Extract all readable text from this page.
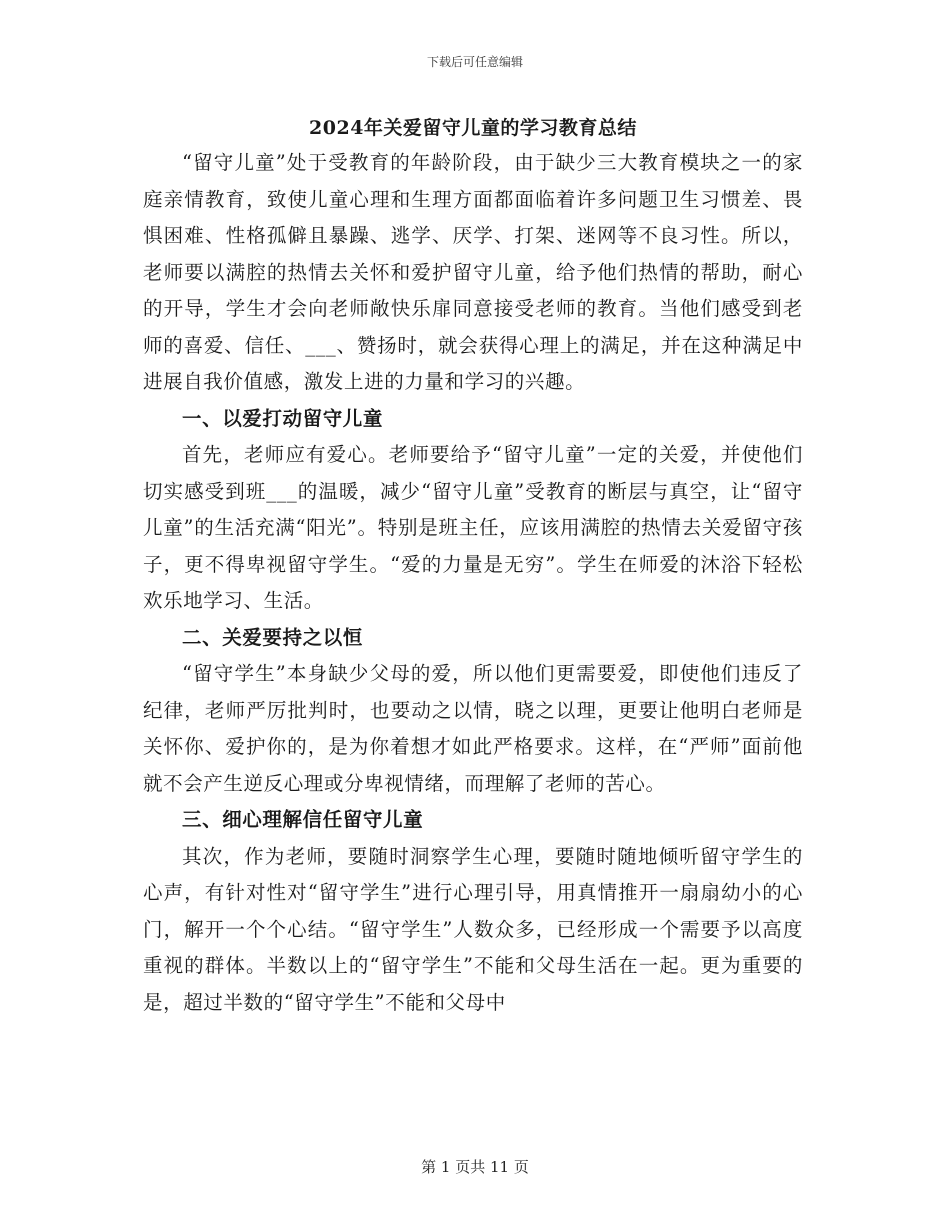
下载后可任意编辑
2024年关爱留守儿童的学习教育总结

“留守儿童”处于受教育的年龄阶段，由于缺少三大教育模块之一的家庭亲情教育，致使儿童心理和生理方面都面临着许多问题卫生习惯差、畏惧困难、性格孤僻且暴躁、逃学、厌学、打架、迷网等不良习性。所以，老师要以满腔的热情去关怀和爱护留守儿童，给予他们热情的帮助，耐心的开导，学生才会向老师敞快乐扉同意接受老师的教育。当他们感受到老师的喜爱、信任、___、赞扬时，就会获得心理上的满足，并在这种满足中进展自我价值感，激发上进的力量和学习的兴趣。

一、以爱打动留守儿童

首先，老师应有爱心。老师要给予“留守儿童”一定的关爱，并使他们切实感受到班___的温暖，减少“留守儿童”受教育的断层与真空，让“留守儿童”的生活充满“阳光”。特别是班主任，应该用满腔的热情去关爱留守孩子，更不得卑视留守学生。“爱的力量是无穷”。学生在师爱的沐浴下轻松欢乐地学习、生活。

二、关爱要持之以恒

“留守学生”本身缺少父母的爱，所以他们更需要爱，即使他们违反了纪律，老师严厉批判时，也要动之以情，晓之以理，更要让他明白老师是关怀你、爱护你的，是为你着想才如此严格要求。这样，在“严师”面前他就不会产生逆反心理或分卑视情绪，而理解了老师的苦心。

三、细心理解信任留守儿童

其次，作为老师，要随时洞察学生心理，要随时随地倾听留守学生的心声，有针对性对“留守学生”进行心理引导，用真情推开一扇扇幼小的心门，解开一个个心结。“留守学生”人数众多，已经形成一个需要予以高度重视的群体。半数以上的“留守学生”不能和父母生活在一起。更为重要的是，超过半数的“留守学生”不能和父母中

第 1 页共 11 页
